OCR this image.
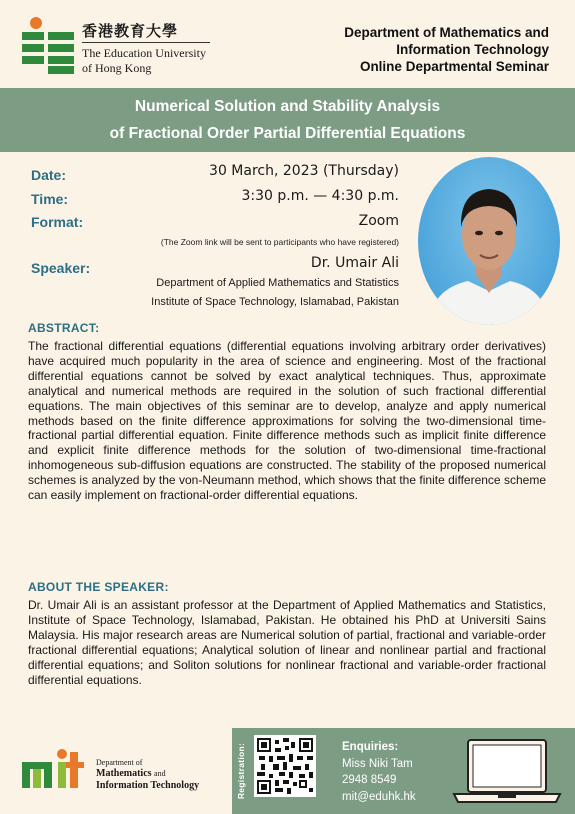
香港教育大學
The Education University
of Hong Kong
Department of Mathematics and
Information Technology
Online Departmental Seminar
Numerical Solution and Stability Analysis
of Fractional Order Partial Differential Equations
Date:	30 March, 2023 (Thursday)
Time:	3:30 p.m. — 4:30 p.m.
Format:	Zoom
(The Zoom link will be sent to participants who have registered)
Speaker:	Dr. Umair Ali
Department of Applied Mathematics and Statistics
Institute of Space Technology, Islamabad, Pakistan
ABSTRACT:
The fractional differential equations (differential equations involving arbitrary order derivatives) have acquired much popularity in the area of science and engineering. Most of the fractional differential equations cannot be solved by exact analytical techniques. Thus, approximate analytical and numerical methods are required in the solution of such fractional differential equations. The main objectives of this seminar are to develop, analyze and apply numerical methods based on the finite difference approximations for solving the two-dimensional time-fractional partial differential equation. Finite difference methods such as implicit finite difference and explicit finite difference methods for the solution of two-dimensional time-fractional inhomogeneous sub-diffusion equations are constructed. The stability of the proposed numerical schemes is analyzed by the von-Neumann method, which shows that the finite difference scheme can easily implement on fractional-order differential equations.
ABOUT THE SPEAKER:
Dr. Umair Ali is an assistant professor at the Department of Applied Mathematics and Statistics, Institute of Space Technology, Islamabad, Pakistan. He obtained his PhD at Universiti Sains Malaysia. His major research areas are Numerical solution of partial, fractional and variable-order fractional differential equations; Analytical solution of linear and nonlinear partial and fractional differential equations; and Soliton solutions for nonlinear fractional and variable-order fractional differential equations.
Department of
Mathematics and
Information Technology	Registration:	Enquiries:
Miss Niki Tam
2948 8549
mit@eduhk.hk
